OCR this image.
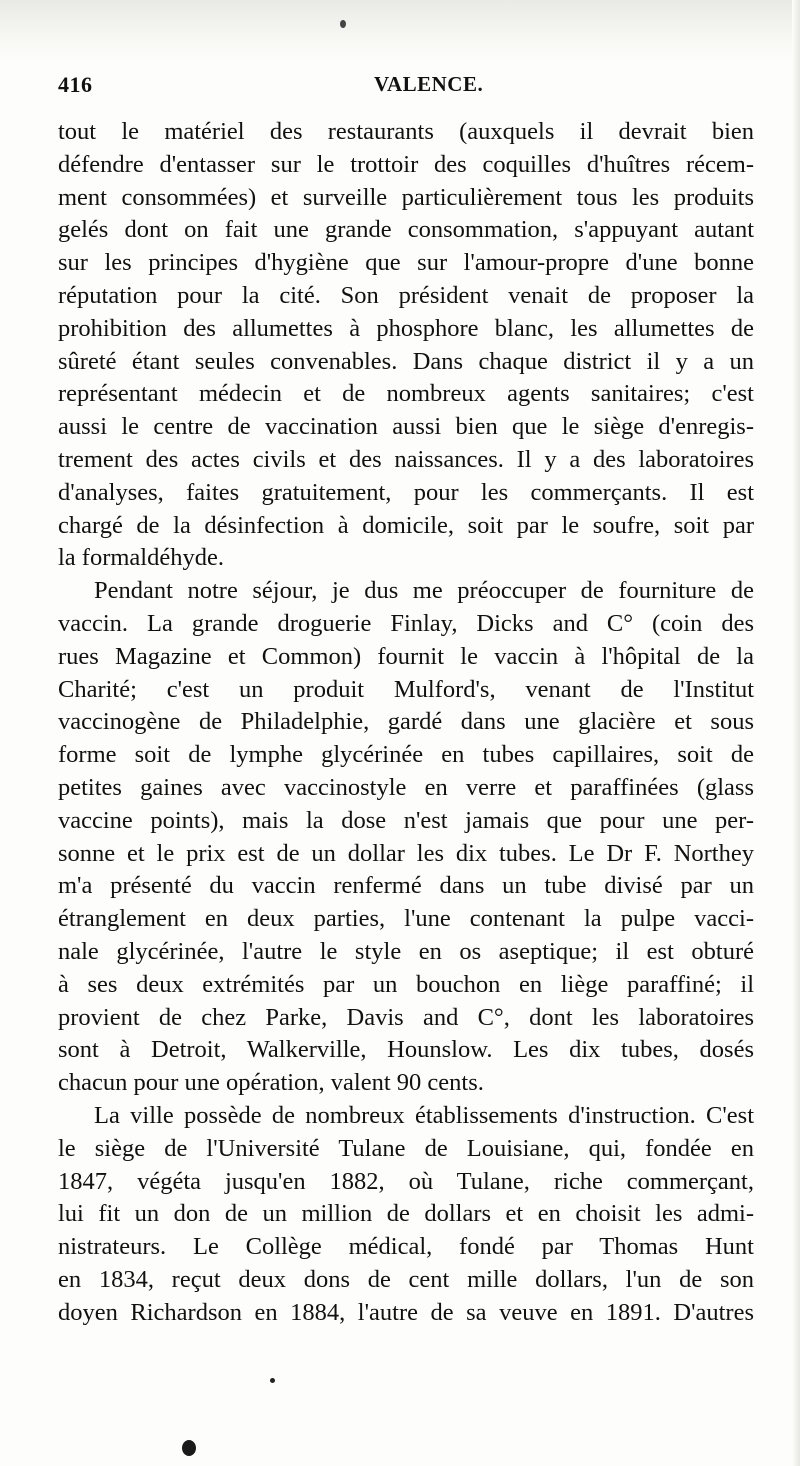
416	VALENCE.
tout le matériel des restaurants (auxquels il devrait bien
défendre d'entasser sur le trottoir des coquilles d'huîtres récem-
ment consommées) et surveille particulièrement tous les produits
gelés dont on fait une grande consommation, s'appuyant autant
sur les principes d'hygiène que sur l'amour-propre d'une bonne
réputation pour la cité. Son président venait de proposer la
prohibition des allumettes à phosphore blanc, les allumettes de
sûreté étant seules convenables. Dans chaque district il y a un
représentant médecin et de nombreux agents sanitaires; c'est
aussi le centre de vaccination aussi bien que le siège d'enregis-
trement des actes civils et des naissances. Il y a des laboratoires
d'analyses, faites gratuitement, pour les commerçants. Il est
chargé de la désinfection à domicile, soit par le soufre, soit par
la formaldéhyde.
Pendant notre séjour, je dus me préoccuper de fourniture de
vaccin. La grande droguerie Finlay, Dicks and C° (coin des
rues Magazine et Common) fournit le vaccin à l'hôpital de la
Charité; c'est un produit Mulford's, venant de l'Institut
vaccinogène de Philadelphie, gardé dans une glacière et sous
forme soit de lymphe glycérinée en tubes capillaires, soit de
petites gaines avec vaccinostyle en verre et paraffinées (glass
vaccine points), mais la dose n'est jamais que pour une per-
sonne et le prix est de un dollar les dix tubes. Le Dr F. Northey
m'a présenté du vaccin renfermé dans un tube divisé par un
étranglement en deux parties, l'une contenant la pulpe vacci-
nale glycérinée, l'autre le style en os aseptique; il est obturé
à ses deux extrémités par un bouchon en liège paraffiné; il
provient de chez Parke, Davis and C°, dont les laboratoires
sont à Detroit, Walkerville, Hounslow. Les dix tubes, dosés
chacun pour une opération, valent 90 cents.
La ville possède de nombreux établissements d'instruction. C'est
le siège de l'Université Tulane de Louisiane, qui, fondée en
1847, végéta jusqu'en 1882, où Tulane, riche commerçant,
lui fit un don de un million de dollars et en choisit les admi-
nistrateurs. Le Collège médical, fondé par Thomas Hunt
en 1834, reçut deux dons de cent mille dollars, l'un de son
doyen Richardson en 1884, l'autre de sa veuve en 1891. D'autres
